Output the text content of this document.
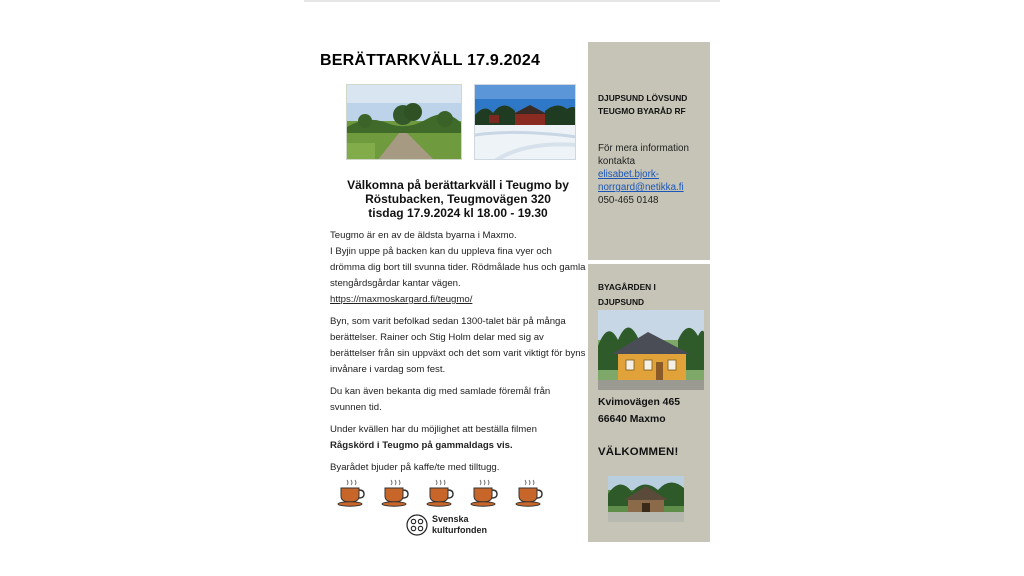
BERÄTTARKVÄLL 17.9.2024
Välkomna på berättarkväll i Teugmo by
Röstubacken, Teugmovägen 320
tisdag 17.9.2024 kl 18.00 - 19.30

Teugmo är en av de äldsta byarna i Maxmo.
I Byjin uppe på backen kan du uppleva fina vyer och drömma dig bort till svunna tider. Rödmålade hus och gamla stengårdsgårdar kantar vägen.
https://maxmoskargard.fi/teugmo/

Byn, som varit befolkad sedan 1300-talet bär på många berättelser. Rainer och Stig Holm delar med sig av berättelser från sin uppväxt och det som varit viktigt för byns invånare i vardag som fest.

Du kan även bekanta dig med samlade föremål från svunnen tid.

Under kvällen har du möjlighet att beställa filmen
Rågskörd i Teugmo på gammaldags vis.

Byarådet bjuder på kaffe/te med tilltugg.

Svenska
kulturfonden
DJUPSUND LÖVSUND
TEUGMO BYARÅD RF
För mera information
kontakta
elisabet.bjork-
norrgard@netikka.fi
050-465 0148
BYAGÅRDEN I
DJUPSUND
Kvimovägen 465
66640 Maxmo
VÄLKOMMEN!
